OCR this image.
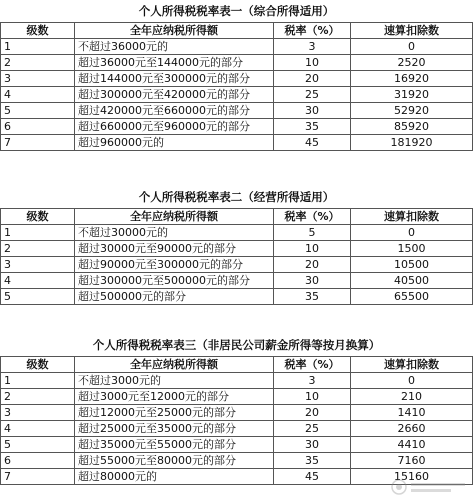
个人所得税税率表一（综合所得适用）
级数	全年应纳税所得额	税率（%）	速算扣除数
1	不超过36000元的	3	0
2	超过36000元至144000元的部分	10	2520
3	超过144000元至300000元的部分	20	16920
4	超过300000元至420000元的部分	25	31920
5	超过420000元至660000元的部分	30	52920
6	超过660000元至960000元的部分	35	85920
7	超过960000元的	45	181920
个人所得税税率表二（经营所得适用）
级数	全年应纳税所得额	税率（%）	速算扣除数
1	不超过30000元的	5	0
2	超过30000元至90000元的部分	10	1500
3	超过90000元至300000元的部分	20	10500
4	超过300000元至500000元的部分	30	40500
5	超过500000元的部分	35	65500
个人所得税税率表三（非居民公司薪金所得等按月换算）
级数	全年应纳税所得额	税率（%）	速算扣除数
1	不超过3000元的	3	0
2	超过3000元至12000元的部分	10	210
3	超过12000元至25000元的部分	20	1410
4	超过25000元至35000元的部分	25	2660
5	超过35000元至55000元的部分	30	4410
6	超过55000元至80000元的部分	35	7160
7	超过80000元的	45	15160
